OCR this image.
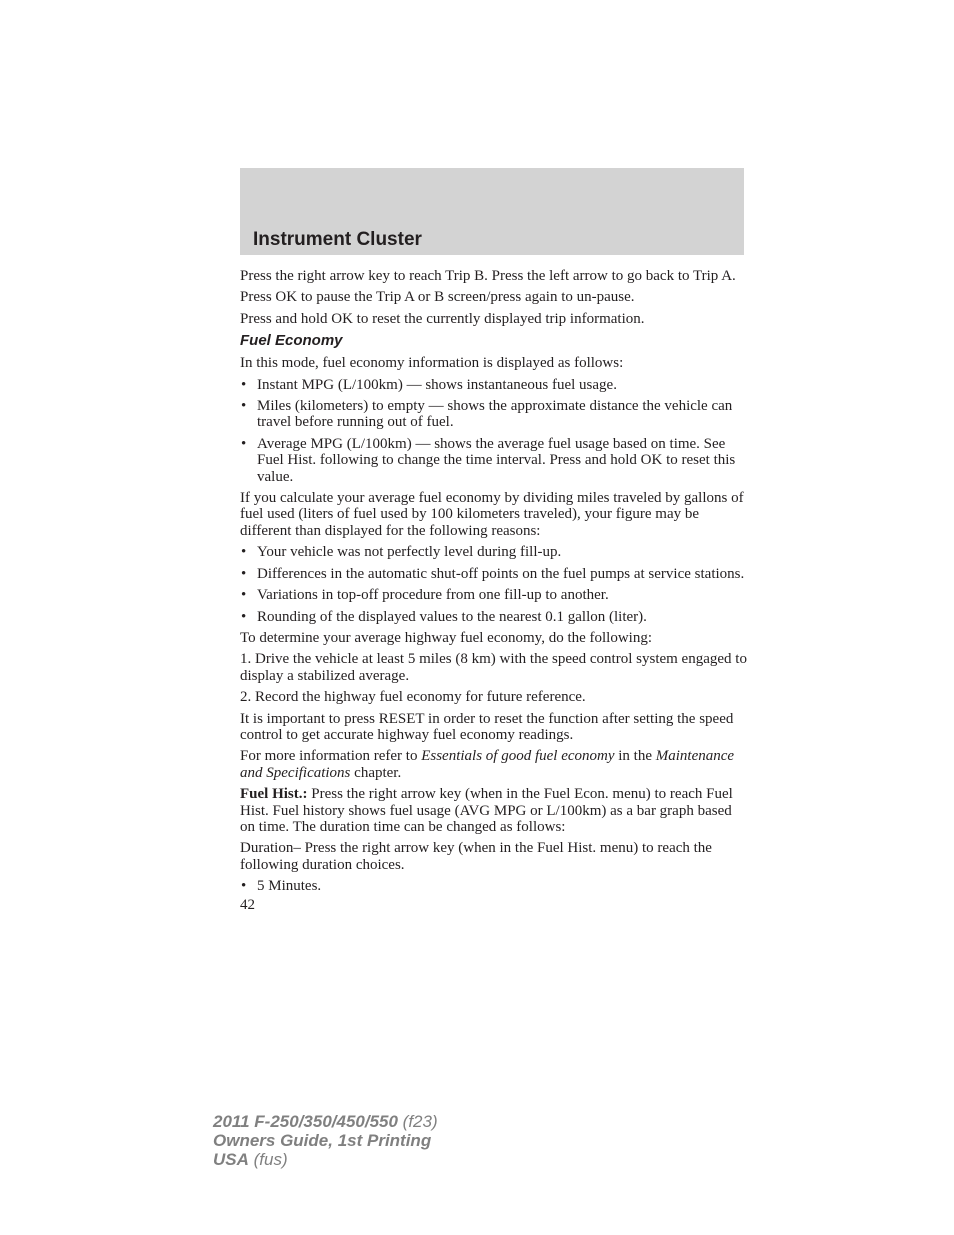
Instrument Cluster

Press the right arrow key to reach Trip B. Press the left arrow to go back to Trip A.

Press OK to pause the Trip A or B screen/press again to un-pause.

Press and hold OK to reset the currently displayed trip information.

Fuel Economy

In this mode, fuel economy information is displayed as follows:

• Instant MPG (L/100km) — shows instantaneous fuel usage.
• Miles (kilometers) to empty — shows the approximate distance the vehicle can travel before running out of fuel.
• Average MPG (L/100km) — shows the average fuel usage based on time. See Fuel Hist. following to change the time interval. Press and hold OK to reset this value.

If you calculate your average fuel economy by dividing miles traveled by gallons of fuel used (liters of fuel used by 100 kilometers traveled), your figure may be different than displayed for the following reasons:

• Your vehicle was not perfectly level during fill-up.
• Differences in the automatic shut-off points on the fuel pumps at service stations.
• Variations in top-off procedure from one fill-up to another.
• Rounding of the displayed values to the nearest 0.1 gallon (liter).

To determine your average highway fuel economy, do the following:

1. Drive the vehicle at least 5 miles (8 km) with the speed control system engaged to display a stabilized average.

2. Record the highway fuel economy for future reference.

It is important to press RESET in order to reset the function after setting the speed control to get accurate highway fuel economy readings.

For more information refer to Essentials of good fuel economy in the Maintenance and Specifications chapter.

Fuel Hist.: Press the right arrow key (when in the Fuel Econ. menu) to reach Fuel Hist. Fuel history shows fuel usage (AVG MPG or L/100km) as a bar graph based on time. The duration time can be changed as follows:

Duration– Press the right arrow key (when in the Fuel Hist. menu) to reach the following duration choices.

• 5 Minutes.
42
2011 F-250/350/450/550 (f23)
Owners Guide, 1st Printing
USA (fus)
